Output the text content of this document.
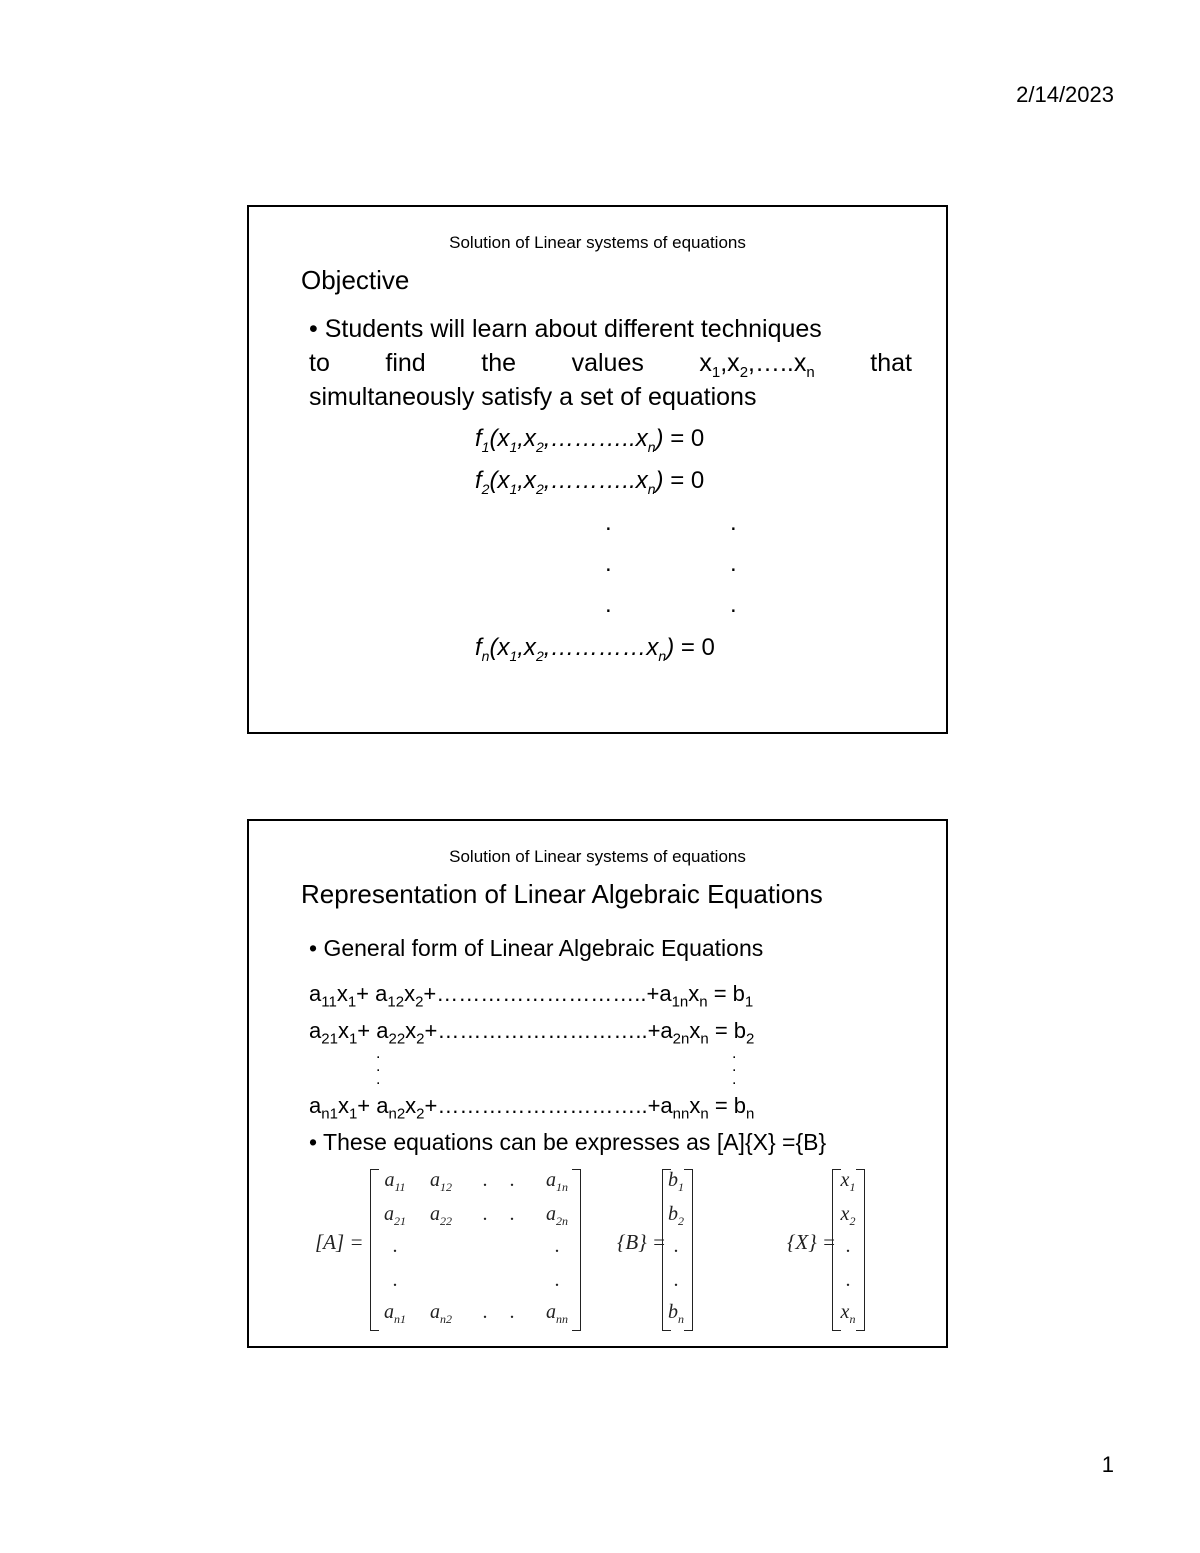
2/14/2023
Solution of Linear systems of equations
Objective
• Students will learn about different techniques
to find the values $x_1,x_2,\dots..x_n$ that
simultaneously satisfy a set of equations
$f_1(x_1,x_2,\dots\dots\dots..x_n) = 0$
$f_2(x_1,x_2,\dots\dots\dots..x_n) = 0$
.	.
.	.
.	.
$f_n(x_1,x_2,\dots\dots\dots\dots x_n) = 0$
Solution of Linear systems of equations
Representation of Linear Algebraic Equations
• General form of Linear Algebraic Equations
$a_{11}x_1+$ $a_{12}x_2+\dots\dots\dots\dots\dots\dots\dots\dots\dots..+a_{1n}x_n = b_1$
$a_{21}x_1+$ $a_{22}x_2+\dots\dots\dots\dots\dots\dots\dots\dots\dots..+a_{2n}x_n = b_2$
.
.
.
.
.
.
$a_{n1}x_1+$ $a_{n2}x_2+\dots\dots\dots\dots\dots\dots\dots\dots\dots..+a_{nn}x_n = b_n$
• These equations can be expresses as [A]{X} ={B}
[A] =
$a_{11}$	$a_{12}$	.	.	$a_{1n}$
$a_{21}$	$a_{22}$	.	.	$a_{2n}$
.	.
.	.
$a_{n1}$	$a_{n2}$	.	.	$a_{nn}$
{B} =
$b_1$
$b_2$
.
.
$b_n$
{X} =
$x_1$
$x_2$
.
.
$x_n$
1
